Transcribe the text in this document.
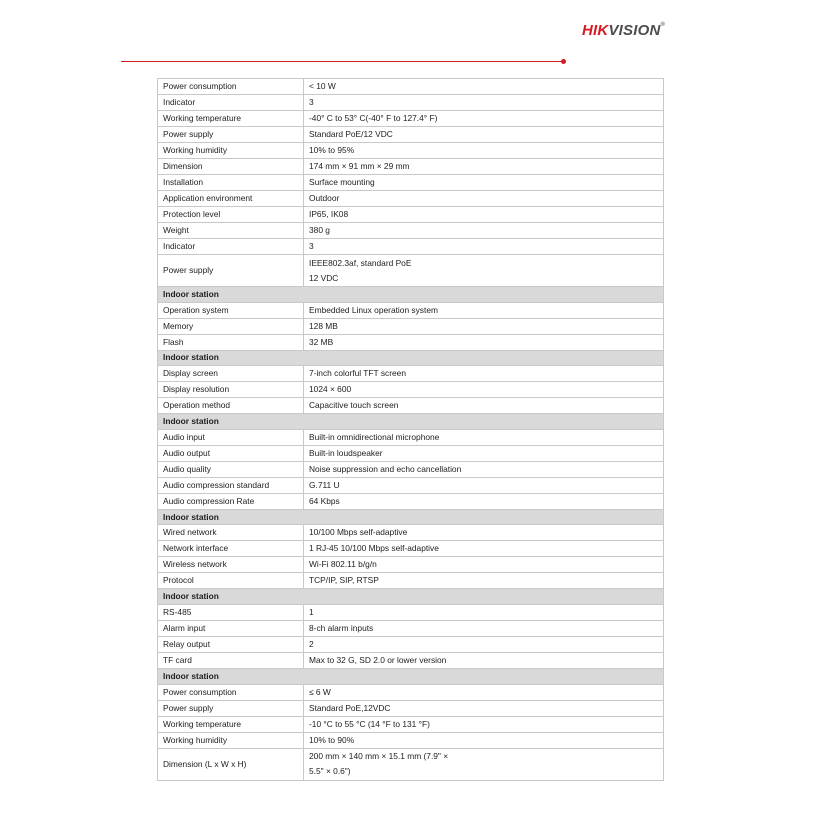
HIKVISION®
Power consumption	< 10 W

Indicator	3

Working temperature	-40° C to 53° C(-40° F to 127.4° F)

Power supply	Standard PoE/12 VDC

Working humidity	10% to 95%

Dimension	174 mm × 91 mm × 29 mm

Installation	Surface mounting

Application environment	Outdoor

Protection level	IP65, IK08

Weight	380 g

Indicator	3

Power supply	IEEE802.3af, standard PoE
12 VDC

Indoor station	
Operation system	Embedded Linux operation system

Memory	128 MB

Flash	32 MB

Indoor station	
Display screen	7-inch colorful TFT screen

Display resolution	1024 × 600

Operation method	Capacitive touch screen

Indoor station	
Audio input	Built-in omnidirectional microphone

Audio output	Built-in loudspeaker

Audio quality	Noise suppression and echo cancellation

Audio compression standard	G.711 U

Audio compression Rate	64 Kbps

Indoor station	
Wired network	10/100 Mbps self-adaptive

Network interface	1 RJ-45 10/100 Mbps self-adaptive

Wireless network	Wi-Fi 802.11 b/g/n

Protocol	TCP/IP, SIP, RTSP

Indoor station	
RS-485	1

Alarm input	8-ch alarm inputs

Relay output	2

TF card	Max to 32 G, SD 2.0 or lower version

Indoor station	
Power consumption	≤ 6 W

Power supply	Standard PoE,12VDC

Working temperature	-10 °C to 55 °C (14 °F to 131 °F)

Working humidity	10% to 90%

Dimension (L x W x H)	200 mm × 140 mm × 15.1 mm (7.9" ×
5.5" × 0.6")
